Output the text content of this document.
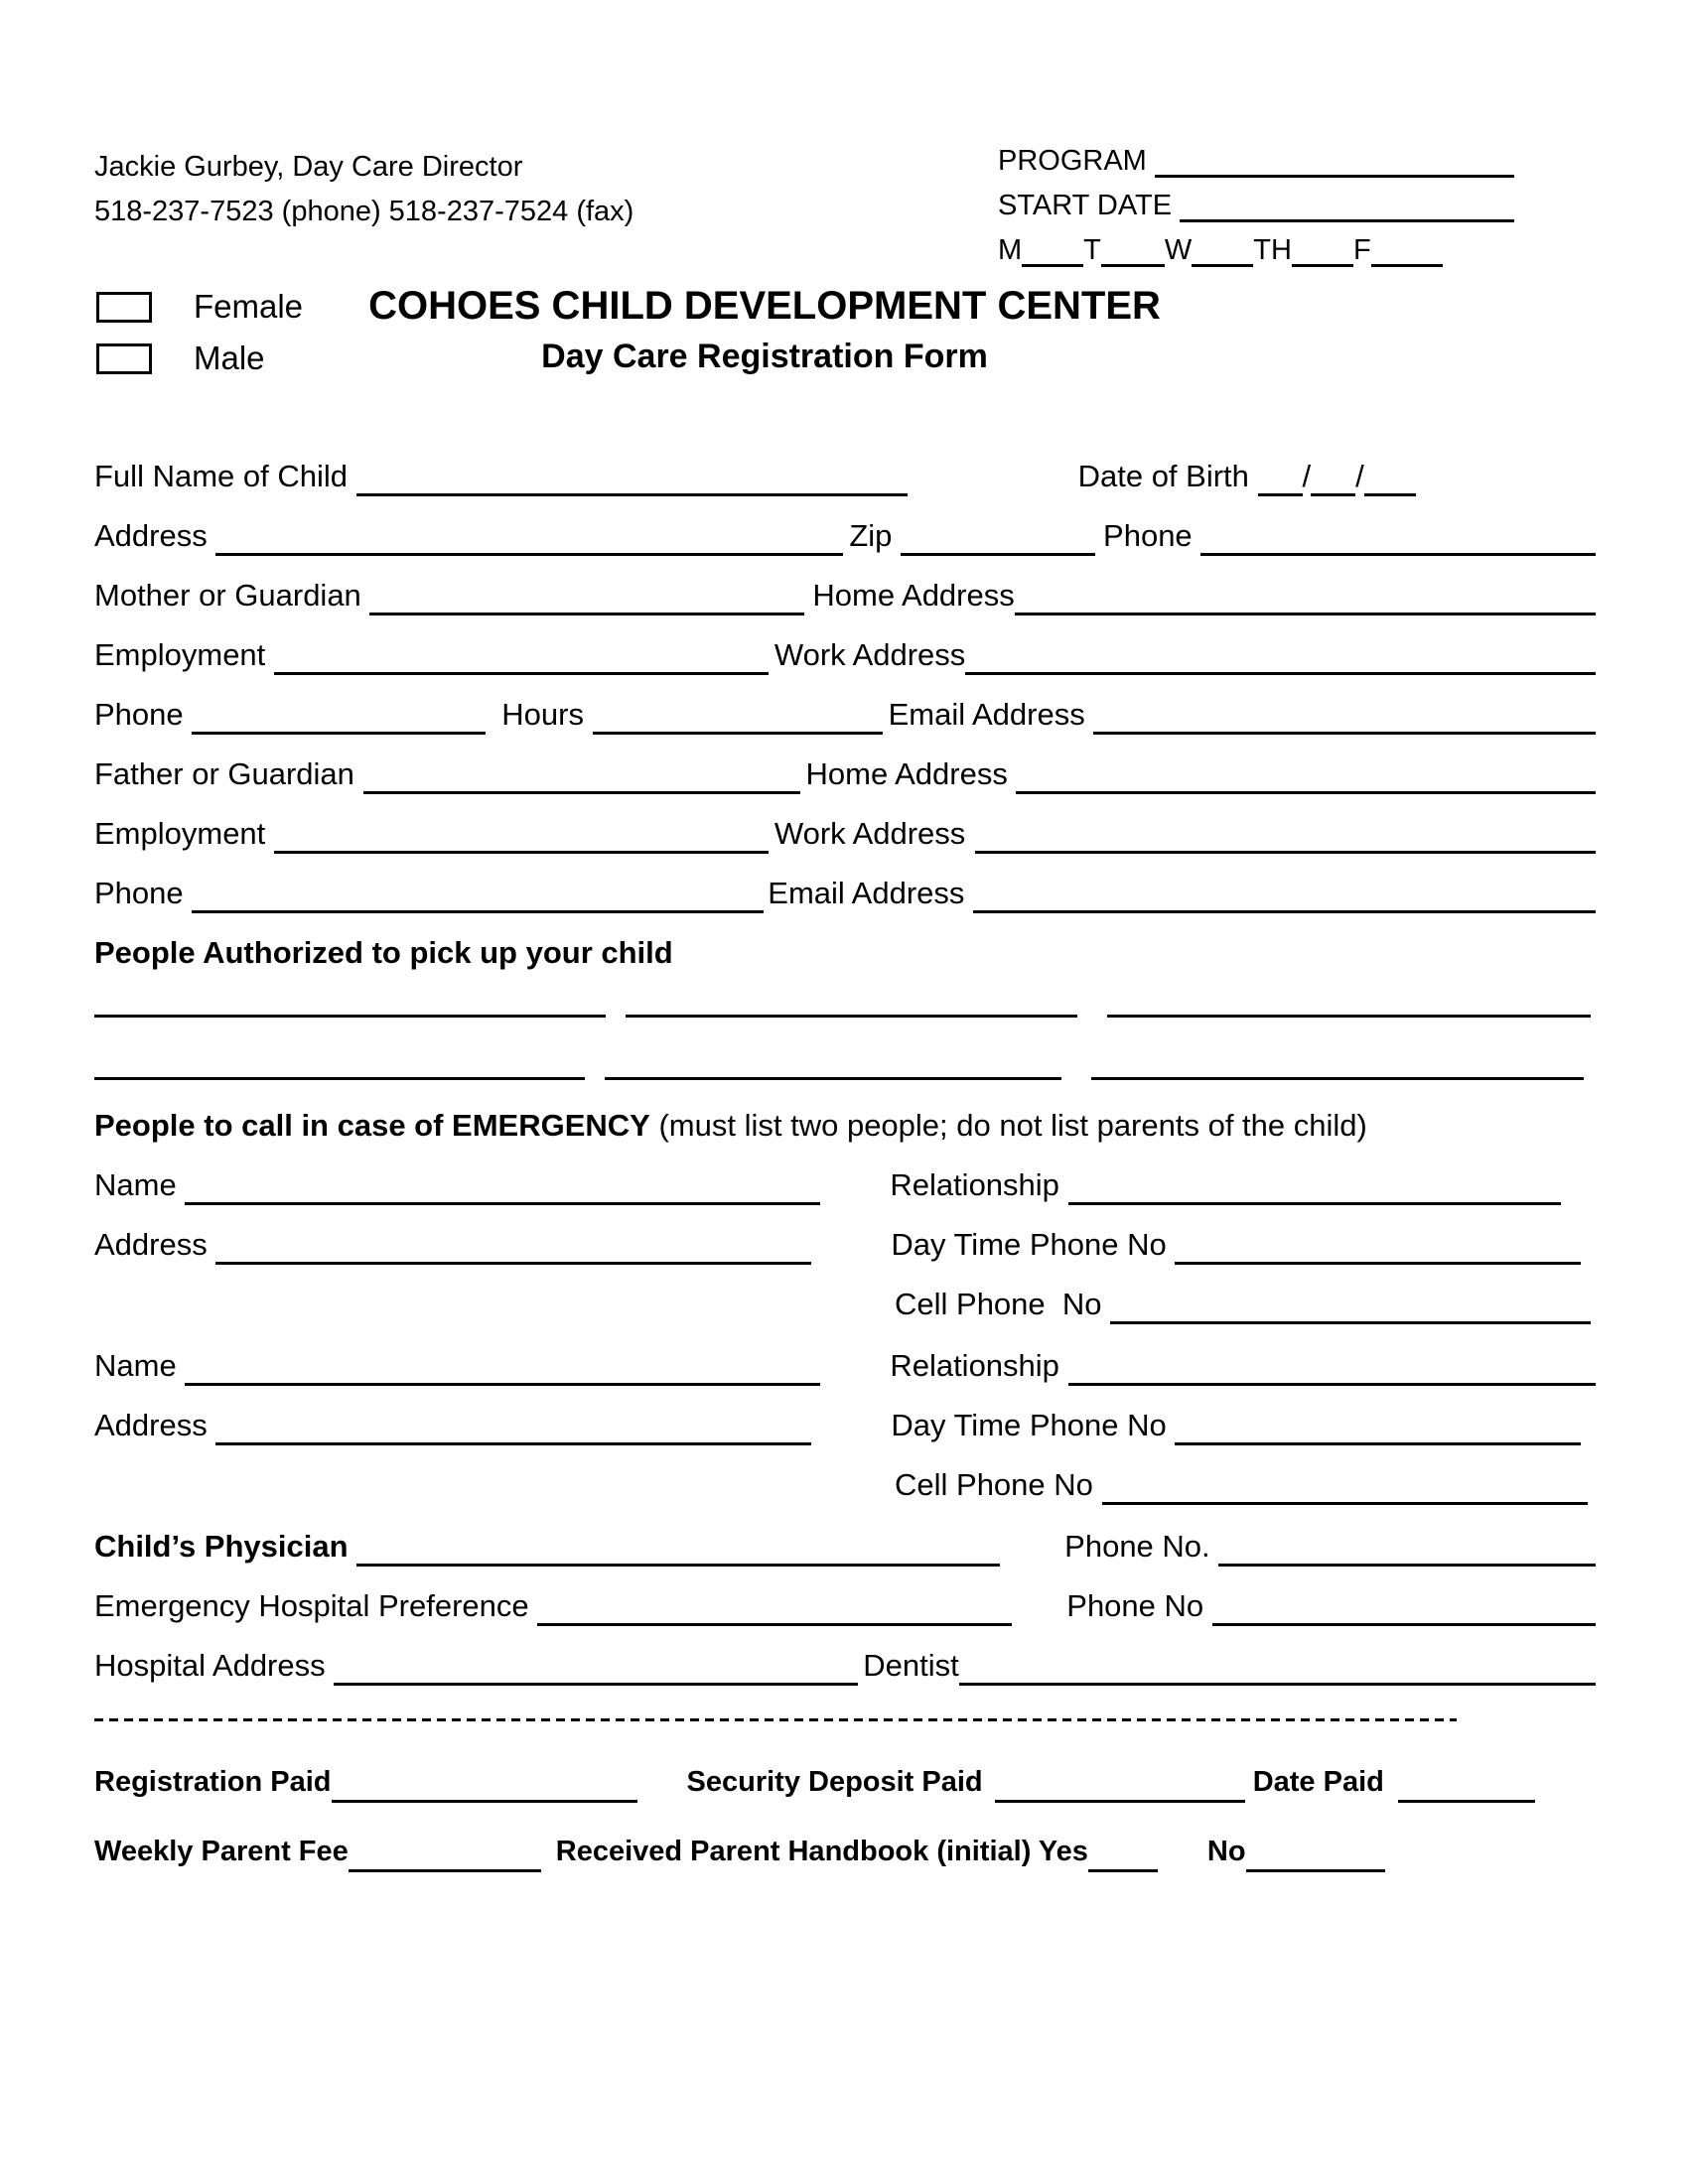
Jackie Gurbey, Day Care Director
518-237-7523 (phone) 518-237-7524 (fax)
PROGRAM
START DATE
M T W TH F
Female
Male
COHOES CHILD DEVELOPMENT CENTER
Day Care Registration Form
Full Name of Child	Date of Birth / /
Address	Zip	Phone
Mother or Guardian	Home Address
Employment	Work Address
Phone	Hours	Email Address
Father or Guardian	Home Address
Employment	Work Address
Phone	Email Address
People Authorized to pick up your child
People to call in case of EMERGENCY (must list two people; do not list parents of the child)
Name	Relationship
Address	Day Time Phone No
Cell Phone  No
Name	Relationship
Address	Day Time Phone No
Cell Phone No
Child’s Physician	Phone No.
Emergency Hospital Preference	Phone No
Hospital Address	Dentist
Registration Paid	Security Deposit Paid	Date Paid
Weekly Parent Fee	Received Parent Handbook (initial) Yes	No
